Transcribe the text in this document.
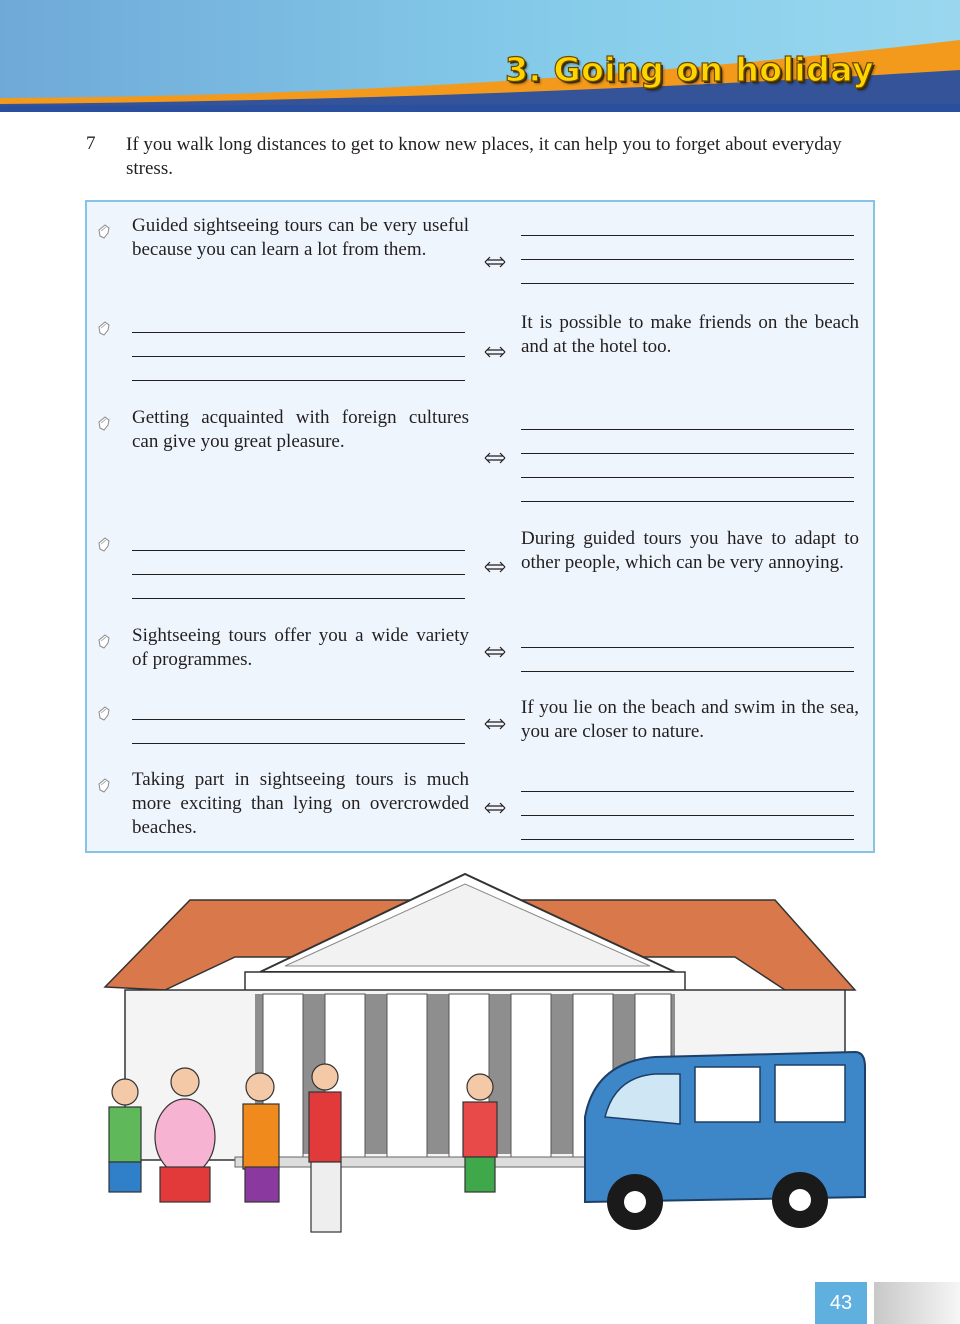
3. Going on holiday
7 If you walk long distances to get to know new places, it can help you to forget about everyday stress.

Guided sightseeing tours can be very useful because you can learn a lot from them.

It is possible to make friends on the beach and at the hotel too.

Getting acquainted with foreign cultures can give you great pleasure.

During guided tours you have to adapt to other people, which can be very annoying.

Sightseeing tours offer you a wide variety of programmes.

If you lie on the beach and swim in the sea, you are closer to nature.

Taking part in sightseeing tours is much more exciting than lying on overcrowded beaches.

43
